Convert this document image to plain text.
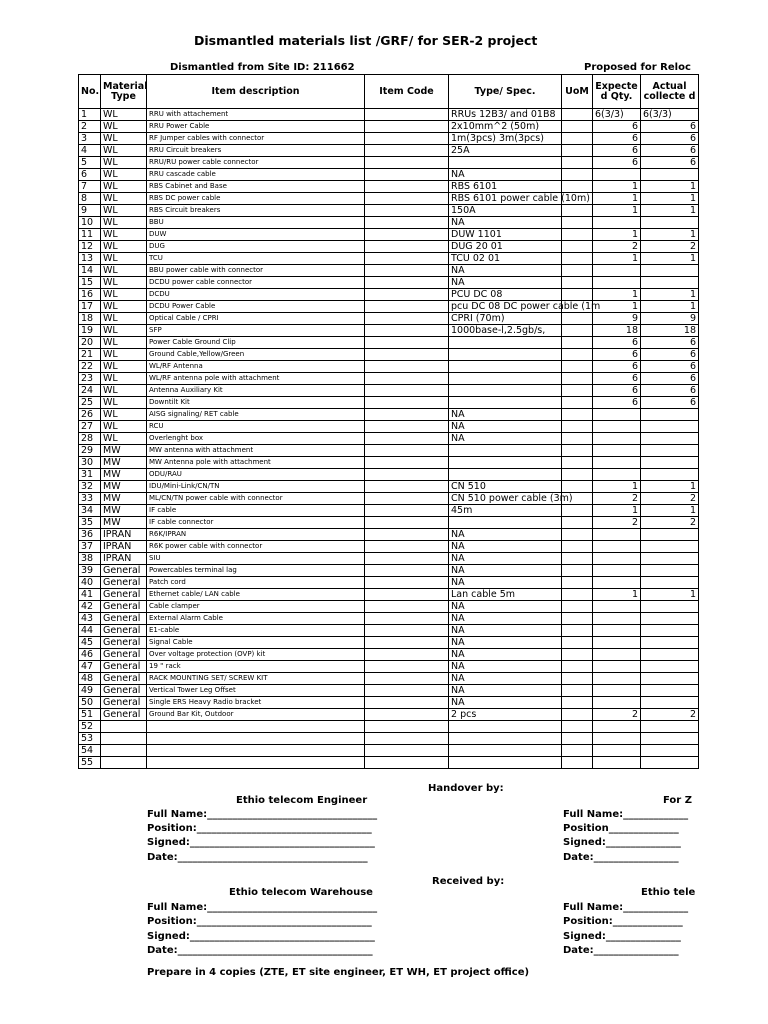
Dismantled materials list /GRF/ for SER-2 project
Dismantled from Site ID: 211662	Proposed for Reloc
No.	Material Type	Item description	Item Code	Type/ Spec.	UoM	Expecte d Qty.	Actual collecte d
1	WL	RRU with attachement		RRUs 12B3/ and 01B8		6(3/3)	6(3/3)
2	WL	RRU Power Cable		2x10mm^2 (50m)		6	6
3	WL	RF Jumper cables with connector		1m(3pcs) 3m(3pcs)		6	6
4	WL	RRU Circuit breakers		25A		6	6
5	WL	RRU/RU power cable connector				6	6
6	WL	RRU cascade cable		NA			
7	WL	RBS Cabinet and Base		RBS 6101		1	1
8	WL	RBS DC power cable		RBS 6101 power cable (10m)		1	1
9	WL	RBS Circuit breakers		150A		1	1
10	WL	BBU		NA			
11	WL	DUW		DUW 1101		1	1
12	WL	DUG		DUG 20 01		2	2
13	WL	TCU		TCU 02 01		1	1
14	WL	BBU power cable with connector		NA			
15	WL	DCDU power cable connector		NA			
16	WL	DCDU		PCU DC 08		1	1
17	WL	DCDU Power Cable		pcu DC 08 DC power cable (1m		1	1
18	WL	Optical Cable / CPRI		CPRI (70m)		9	9
19	WL	SFP		1000base-l,2.5gb/s,		18	18
20	WL	Power Cable Ground Clip				6	6
21	WL	Ground Cable,Yellow/Green				6	6
22	WL	WL/RF Antenna				6	6
23	WL	WL/RF antenna pole with attachment				6	6
24	WL	Antenna Auxiliary Kit				6	6
25	WL	Downtilt Kit				6	6
26	WL	AISG signaling/ RET cable		NA			
27	WL	RCU		NA			
28	WL	Overlenght box		NA			
29	MW	MW antenna with attachment					
30	MW	MW Antenna pole with attachment					
31	MW	ODU/RAU					
32	MW	IDU/Mini-Link/CN/TN		CN 510		1	1
33	MW	ML/CN/TN power cable with connector		CN 510 power cable (3m)		2	2
34	MW	IF cable		45m		1	1
35	MW	IF cable connector				2	2
36	IPRAN	R6K/IPRAN		NA			
37	IPRAN	R6K power cable with connector		NA			
38	IPRAN	SIU		NA			
39	General	Powercables terminal lag		NA			
40	General	Patch cord		NA			
41	General	Ethernet cable/ LAN cable		Lan cable 5m		1	1
42	General	Cable clamper		NA			
43	General	External Alarm Cable		NA			
44	General	E1-cable		NA			
45	General	Signal Cable		NA			
46	General	Over voltage protection (OVP) kit		NA			
47	General	19 " rack		NA			
48	General	RACK MOUNTING SET/ SCREW KIT		NA			
49	General	Vertical Tower Leg Offset		NA			
50	General	Single ERS Heavy Radio bracket		NA			
51	General	Ground Bar Kit, Outdoor		2 pcs		2	2
52							
53							
54							
55							
Handover by:
Ethio telecom Engineer	For Z
Full Name:__________________________________
Position:___________________________________
Signed:_____________________________________
Date:______________________________________
Full Name:_____________
Position______________
Signed:_______________
Date:_________________
Received by:
Ethio telecom Warehouse	Ethio tele
Full Name:__________________________________
Position:___________________________________
Signed:_____________________________________
Date:_______________________________________
Full Name:_____________
Position:______________
Signed:_______________
Date:_________________
Prepare in 4 copies (ZTE, ET site engineer, ET WH, ET project office)
